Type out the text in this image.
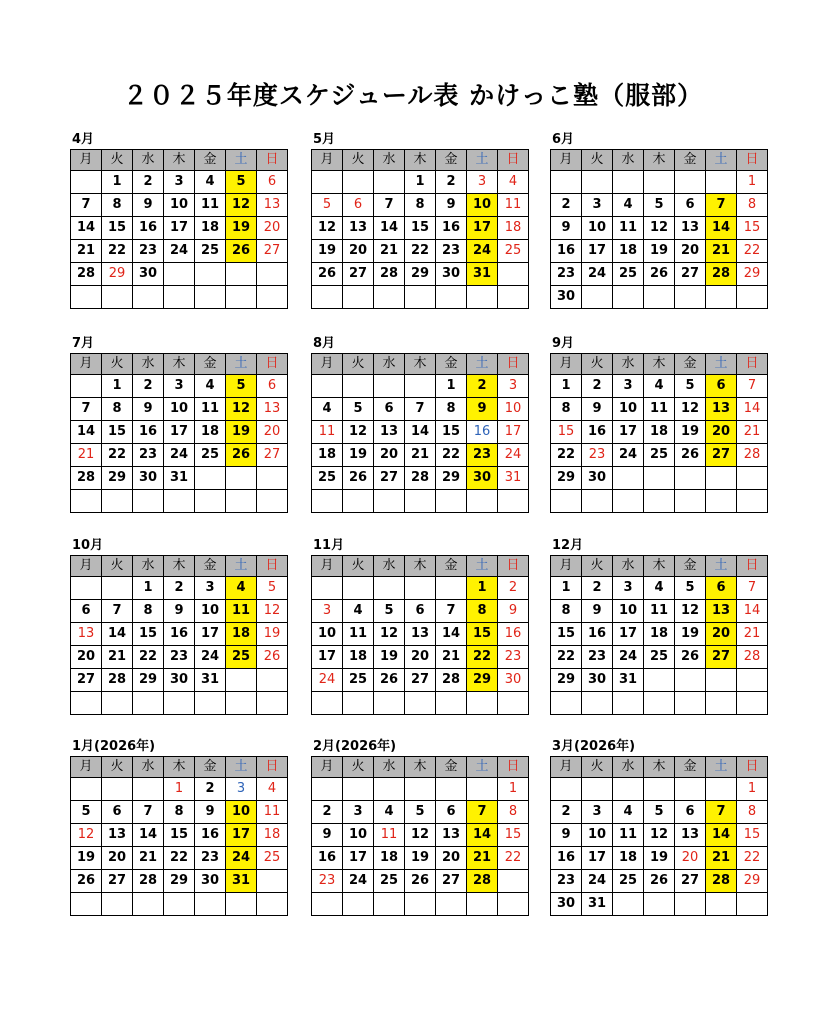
２０２５年度スケジュール表 かけっこ塾（服部）
4月
月	火	水	木	金	土	日
	1	2	3	4	5	6
7	8	9	10	11	12	13
14	15	16	17	18	19	20
21	22	23	24	25	26	27
28	29	30				

5月
月	火	水	木	金	土	日
			1	2	3	4
5	6	7	8	9	10	11
12	13	14	15	16	17	18
19	20	21	22	23	24	25
26	27	28	29	30	31	

6月
月	火	水	木	金	土	日
						1
2	3	4	5	6	7	8
9	10	11	12	13	14	15
16	17	18	19	20	21	22
23	24	25	26	27	28	29
30						
7月
月	火	水	木	金	土	日
	1	2	3	4	5	6
7	8	9	10	11	12	13
14	15	16	17	18	19	20
21	22	23	24	25	26	27
28	29	30	31			

8月
月	火	水	木	金	土	日
				1	2	3
4	5	6	7	8	9	10
11	12	13	14	15	16	17
18	19	20	21	22	23	24
25	26	27	28	29	30	31

9月
月	火	水	木	金	土	日
1	2	3	4	5	6	7
8	9	10	11	12	13	14
15	16	17	18	19	20	21
22	23	24	25	26	27	28
29	30					

10月
月	火	水	木	金	土	日
		1	2	3	4	5
6	7	8	9	10	11	12
13	14	15	16	17	18	19
20	21	22	23	24	25	26
27	28	29	30	31		

11月
月	火	水	木	金	土	日
					1	2
3	4	5	6	7	8	9
10	11	12	13	14	15	16
17	18	19	20	21	22	23
24	25	26	27	28	29	30

12月
月	火	水	木	金	土	日
1	2	3	4	5	6	7
8	9	10	11	12	13	14
15	16	17	18	19	20	21
22	23	24	25	26	27	28
29	30	31				

1月(2026年)
月	火	水	木	金	土	日
			1	2	3	4
5	6	7	8	9	10	11
12	13	14	15	16	17	18
19	20	21	22	23	24	25
26	27	28	29	30	31	

2月(2026年)
月	火	水	木	金	土	日
						1
2	3	4	5	6	7	8
9	10	11	12	13	14	15
16	17	18	19	20	21	22
23	24	25	26	27	28	

3月(2026年)
月	火	水	木	金	土	日
						1
2	3	4	5	6	7	8
9	10	11	12	13	14	15
16	17	18	19	20	21	22
23	24	25	26	27	28	29
30	31					
